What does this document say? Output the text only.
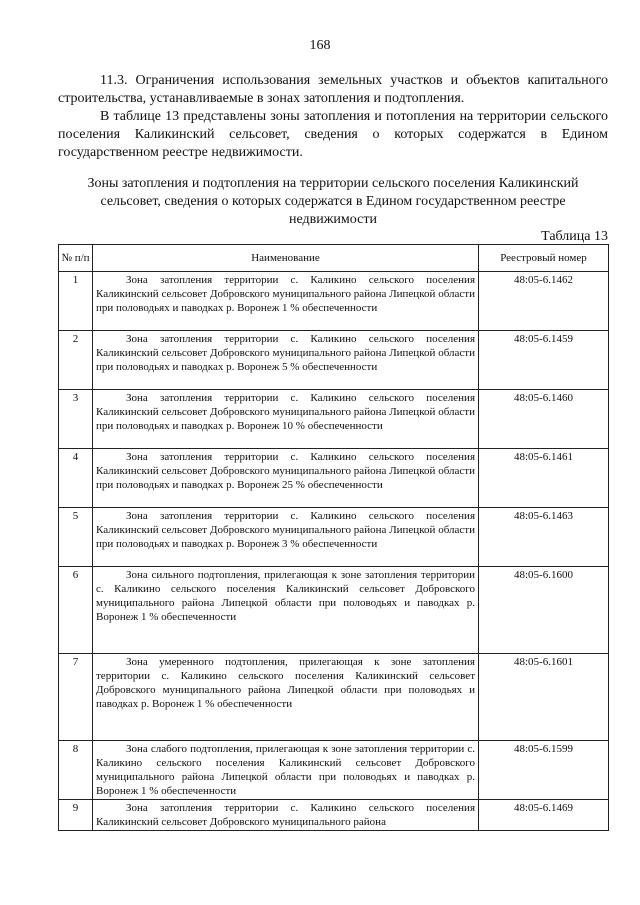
168
11.3. Ограничения использования земельных участков и объектов капитального строительства, устанавливаемые в зонах затопления и подтопления.
В таблице 13 представлены зоны затопления и потопления на территории сельского поселения Каликинский сельсовет, сведения о которых содержатся в Едином государственном реестре недвижимости.
Зоны затопления и подтопления на территории сельского поселения Каликинский сельсовет, сведения о которых содержатся в Едином государственном реестре недвижимости
Таблица 13
№ п/п	Наименование	Реестровый номер
1	Зона затопления территории с. Каликино сельского поселения Каликинский сельсовет Добровского муниципального района Липецкой области при половодьях и паводках р. Воронеж 1 % обеспеченности	48:05-6.1462
2	Зона затопления территории с. Каликино сельского поселения Каликинский сельсовет Добровского муниципального района Липецкой области при половодьях и паводках р. Воронеж 5 % обеспеченности	48:05-6.1459
3	Зона затопления территории с. Каликино сельского поселения Каликинский сельсовет Добровского муниципального района Липецкой области при половодьях и паводках р. Воронеж 10 % обеспеченности	48:05-6.1460
4	Зона затопления территории с. Каликино сельского поселения Каликинский сельсовет Добровского муниципального района Липецкой области при половодьях и паводках р. Воронеж 25 % обеспеченности	48:05-6.1461
5	Зона затопления территории с. Каликино сельского поселения Каликинский сельсовет Добровского муниципального района Липецкой области при половодьях и паводках р. Воронеж 3 % обеспеченности	48:05-6.1463
6	Зона сильного подтопления, прилегающая к зоне затопления территории с. Каликино сельского поселения Каликинский сельсовет Добровского муниципального района Липецкой области при половодьях и паводках р. Воронеж 1 % обеспеченности	48:05-6.1600
7	Зона умеренного подтопления, прилегающая к зоне затопления территории с. Каликино сельского поселения Каликинский сельсовет Добровского муниципального района Липецкой области при половодьях и паводках р. Воронеж 1 % обеспеченности	48:05-6.1601
8	Зона слабого подтопления, прилегающая к зоне затопления территории с. Каликино сельского поселения Каликинский сельсовет Добровского муниципального района Липецкой области при половодьях и паводках р. Воронеж 1 % обеспеченности	48:05-6.1599
9	Зона затопления территории с. Каликино сельского поселения Каликинский сельсовет Добровского муниципального района	48:05-6.1469
